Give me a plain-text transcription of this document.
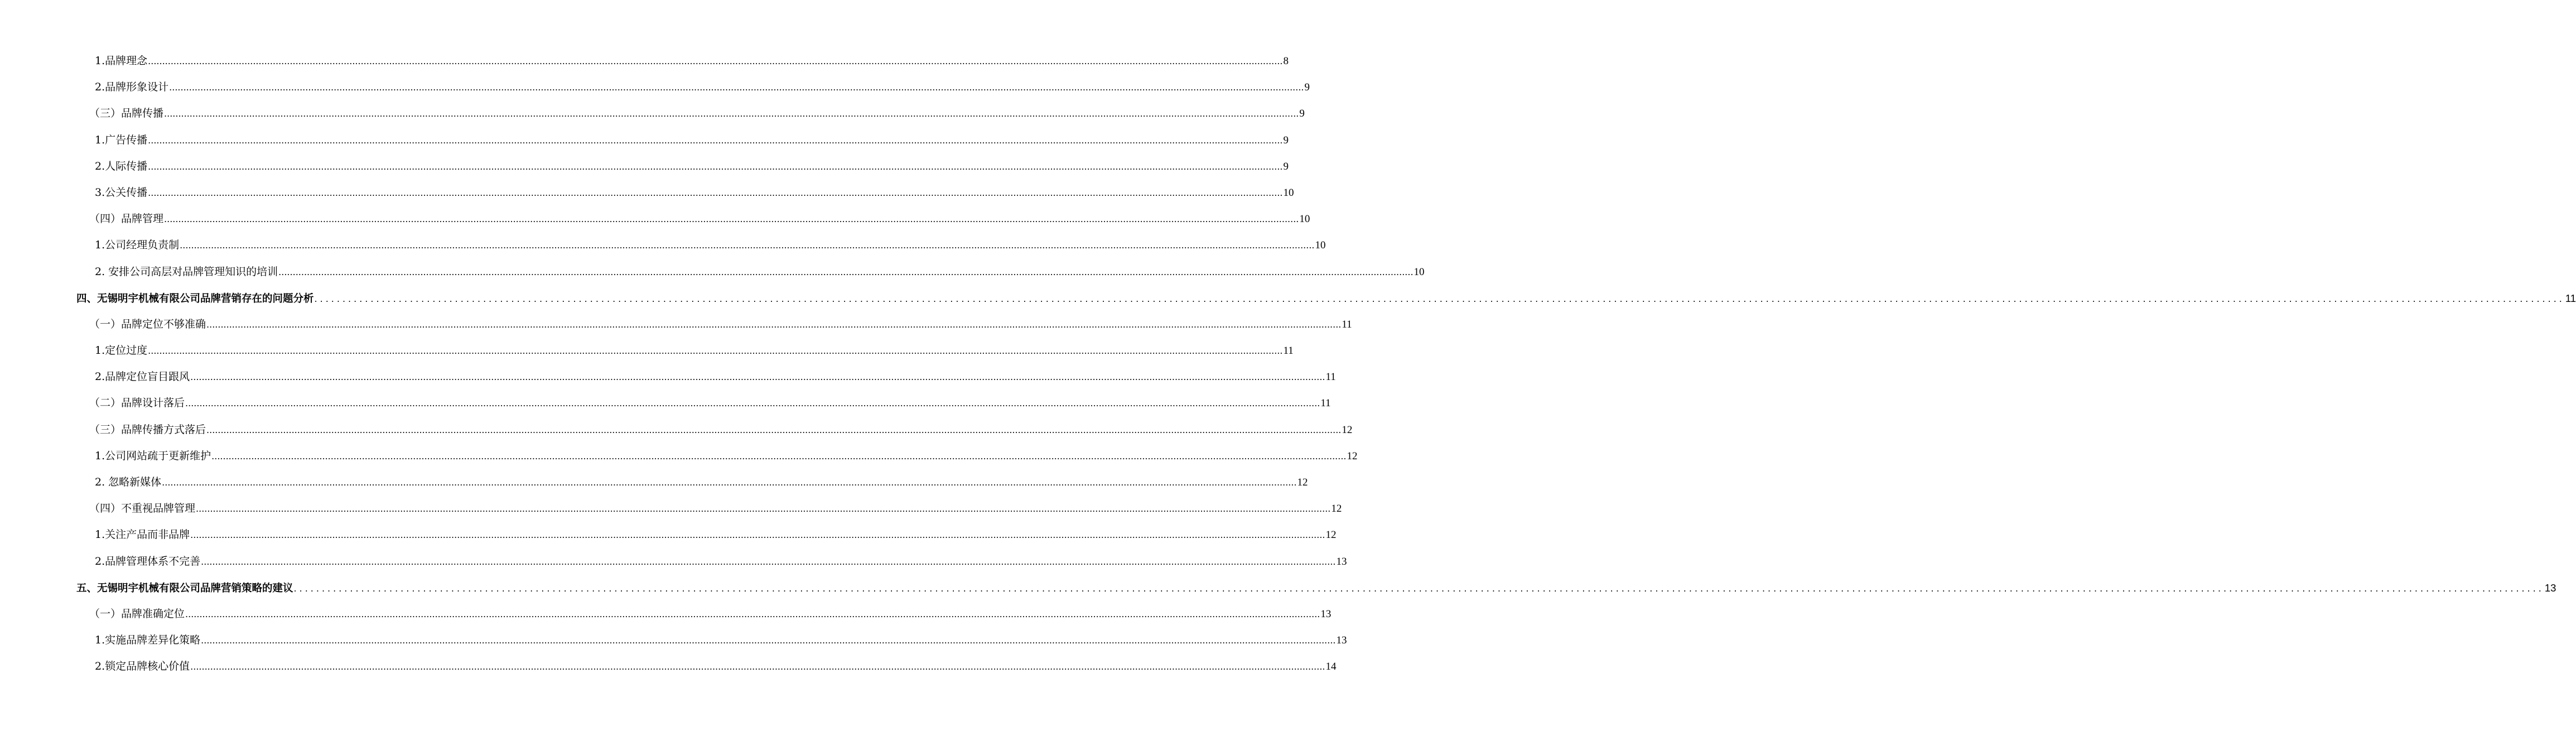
1.品牌理念 ................................................................................................................................................................................................................................................................................................................................................................................................................ 8
2.品牌形象设计 ................................................................................................................................................................................................................................................................................................................................................................................................................ 9
（三）品牌传播 ................................................................................................................................................................................................................................................................................................................................................................................................................ 9
1.广告传播 ................................................................................................................................................................................................................................................................................................................................................................................................................ 9
2.人际传播 ................................................................................................................................................................................................................................................................................................................................................................................................................ 9
3.公关传播 ................................................................................................................................................................................................................................................................................................................................................................................................................ 10
（四）品牌管理 ................................................................................................................................................................................................................................................................................................................................................................................................................ 10
1.公司经理负责制 ................................................................................................................................................................................................................................................................................................................................................................................................................ 10
2. 安排公司高层对品牌管理知识的培训 ................................................................................................................................................................................................................................................................................................................................................................................................................ 10
四、无锡明宇机械有限公司品牌营销存在的问题分析 ................................................................................................................................................................................................................................................................................................................................................................................................................ 11
（一）品牌定位不够准确 ................................................................................................................................................................................................................................................................................................................................................................................................................ 11
1.定位过度 ................................................................................................................................................................................................................................................................................................................................................................................................................ 11
2.品牌定位盲目跟风 ................................................................................................................................................................................................................................................................................................................................................................................................................ 11
（二）品牌设计落后 ................................................................................................................................................................................................................................................................................................................................................................................................................ 11
（三）品牌传播方式落后 ................................................................................................................................................................................................................................................................................................................................................................................................................ 12
1.公司网站疏于更新维护 ................................................................................................................................................................................................................................................................................................................................................................................................................ 12
2. 忽略新媒体 ................................................................................................................................................................................................................................................................................................................................................................................................................ 12
（四）不重视品牌管理 ................................................................................................................................................................................................................................................................................................................................................................................................................ 12
1.关注产品而非品牌 ................................................................................................................................................................................................................................................................................................................................................................................................................ 12
2.品牌管理体系不完善 ................................................................................................................................................................................................................................................................................................................................................................................................................ 13
五、无锡明宇机械有限公司品牌营销策略的建议 ................................................................................................................................................................................................................................................................................................................................................................................................................ 13
（一）品牌准确定位 ................................................................................................................................................................................................................................................................................................................................................................................................................ 13
1.实施品牌差异化策略 ................................................................................................................................................................................................................................................................................................................................................................................................................ 13
2.锁定品牌核心价值 ................................................................................................................................................................................................................................................................................................................................................................................................................ 14
